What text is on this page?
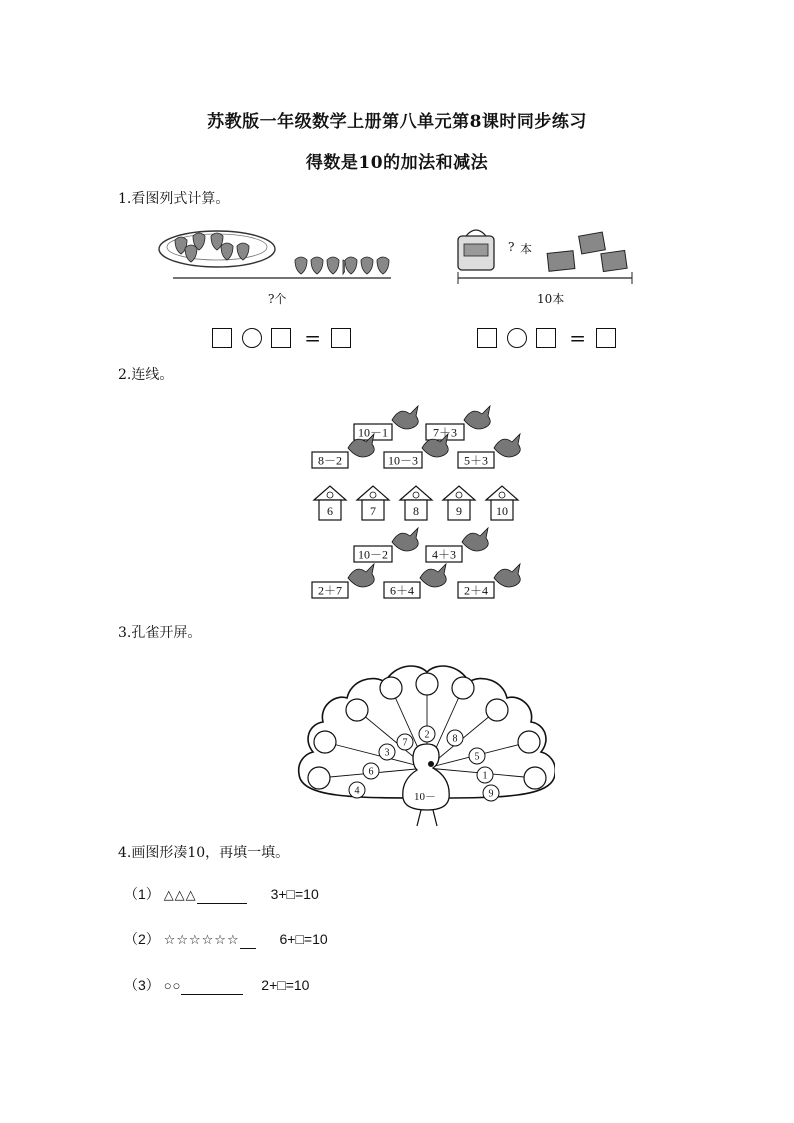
苏教版一年级数学上册第八单元第8课时同步练习
得数是10的加法和减法
1.看图列式计算。
?个
? 本
10本
=	=
2.连线。
10－1	7＋3
8－2	10－3	5＋3
6	7	8	9	10
10－2	4＋3
2＋7	6＋4	2＋4
3.孔雀开屏。
4
6
3
7
2 8
5
1
9
10－
4.画图形凑10，再填一填。
（1） △△△	3+□=10
（2） ☆☆☆☆☆☆	6+□=10
（3） ○○	2+□=10
